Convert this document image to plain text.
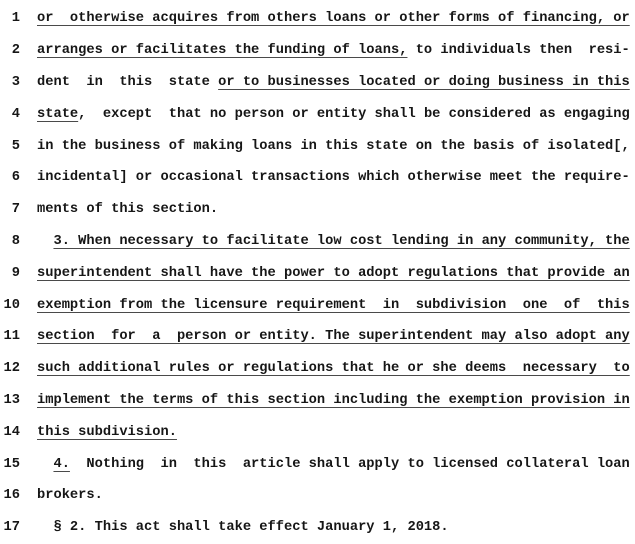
1 or  otherwise acquires from others loans or other forms of financing, or
2 arranges or facilitates the funding of loans, to individuals then  resi-
3 dent  in  this  state or to businesses located or doing business in this
4 state,  except  that no person or entity shall be considered as engaging
5 in the business of making loans in this state on the basis of isolated[,
6 incidental] or occasional transactions which otherwise meet the require-
7 ments of this section.
8	3. When necessary to facilitate low cost lending in any community, the
9 superintendent shall have the power to adopt regulations that provide an
10 exemption from the licensure requirement  in  subdivision  one  of  this
11 section  for  a  person or entity. The superintendent may also adopt any
12 such additional rules or regulations that he or she deems  necessary  to
13 implement the terms of this section including the exemption provision in
14 this subdivision.
15	4.  Nothing  in  this  article shall apply to licensed collateral loan
16 brokers.
17 § 2. This act shall take effect January 1, 2018.
